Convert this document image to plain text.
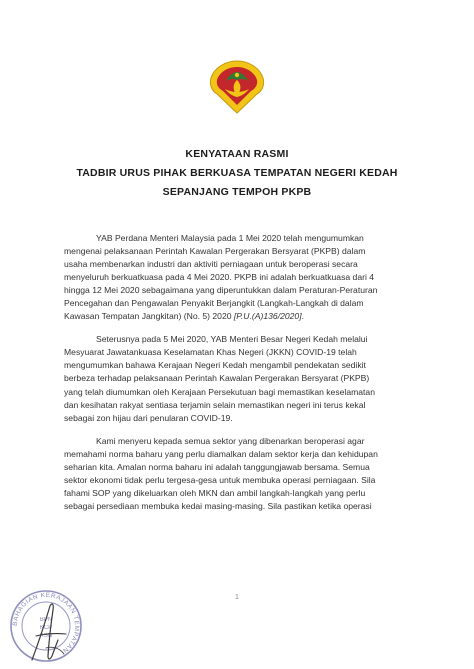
KENYATAAN RASMI
TADBIR URUS PIHAK BERKUASA TEMPATAN NEGERI KEDAH
SEPANJANG TEMPOH PKPB
YAB Perdana Menteri Malaysia pada 1 Mei 2020 telah mengumumkan
mengenai pelaksanaan Perintah Kawalan Pergerakan Bersyarat (PKPB) dalam
usaha membenarkan industri dan aktiviti perniagaan untuk beroperasi secara
menyeluruh berkuatkuasa pada 4 Mei 2020. PKPB ini adalah berkuatkuasa dari 4
hingga 12 Mei 2020 sebagaimana yang diperuntukkan dalam Peraturan-Peraturan
Pencegahan dan Pengawalan Penyakit Berjangkit (Langkah-Langkah di dalam
Kawasan Tempatan Jangkitan) (No. 5) 2020 [P.U.(A)136/2020].
Seterusnya pada 5 Mei 2020, YAB Menteri Besar Negeri Kedah melalui
Mesyuarat Jawatankuasa Keselamatan Khas Negeri (JKKN) COVID-19 telah
mengumumkan bahawa Kerajaan Negeri Kedah mengambil pendekatan sedikit
berbeza terhadap pelaksanaan Perintah Kawalan Pergerakan Bersyarat (PKPB)
yang telah diumumkan oleh Kerajaan Persekutuan bagi memastikan keselamatan
dan kesihatan rakyat sentiasa terjamin selain memastikan negeri ini terus kekal
sebagai zon hijau dari penularan COVID-19.
Kami menyeru kepada semua sektor yang dibenarkan beroperasi agar
memahami norma baharu yang perlu diamalkan dalam sektor kerja dan kehidupan
seharian kita. Amalan norma baharu ini adalah tanggungjawab bersama. Semua
sektor ekonomi tidak perlu tergesa-gesa untuk membuka operasi perniagaan. Sila
fahami SOP yang dikeluarkan oleh MKN dan ambil langkah-langkah yang perlu
sebagai persediaan membuka kedai masing-masing. Sila pastikan ketika operasi
1
BAHAGIAN KERAJAAN TEMPATAN
BPN
KCP
KSN
